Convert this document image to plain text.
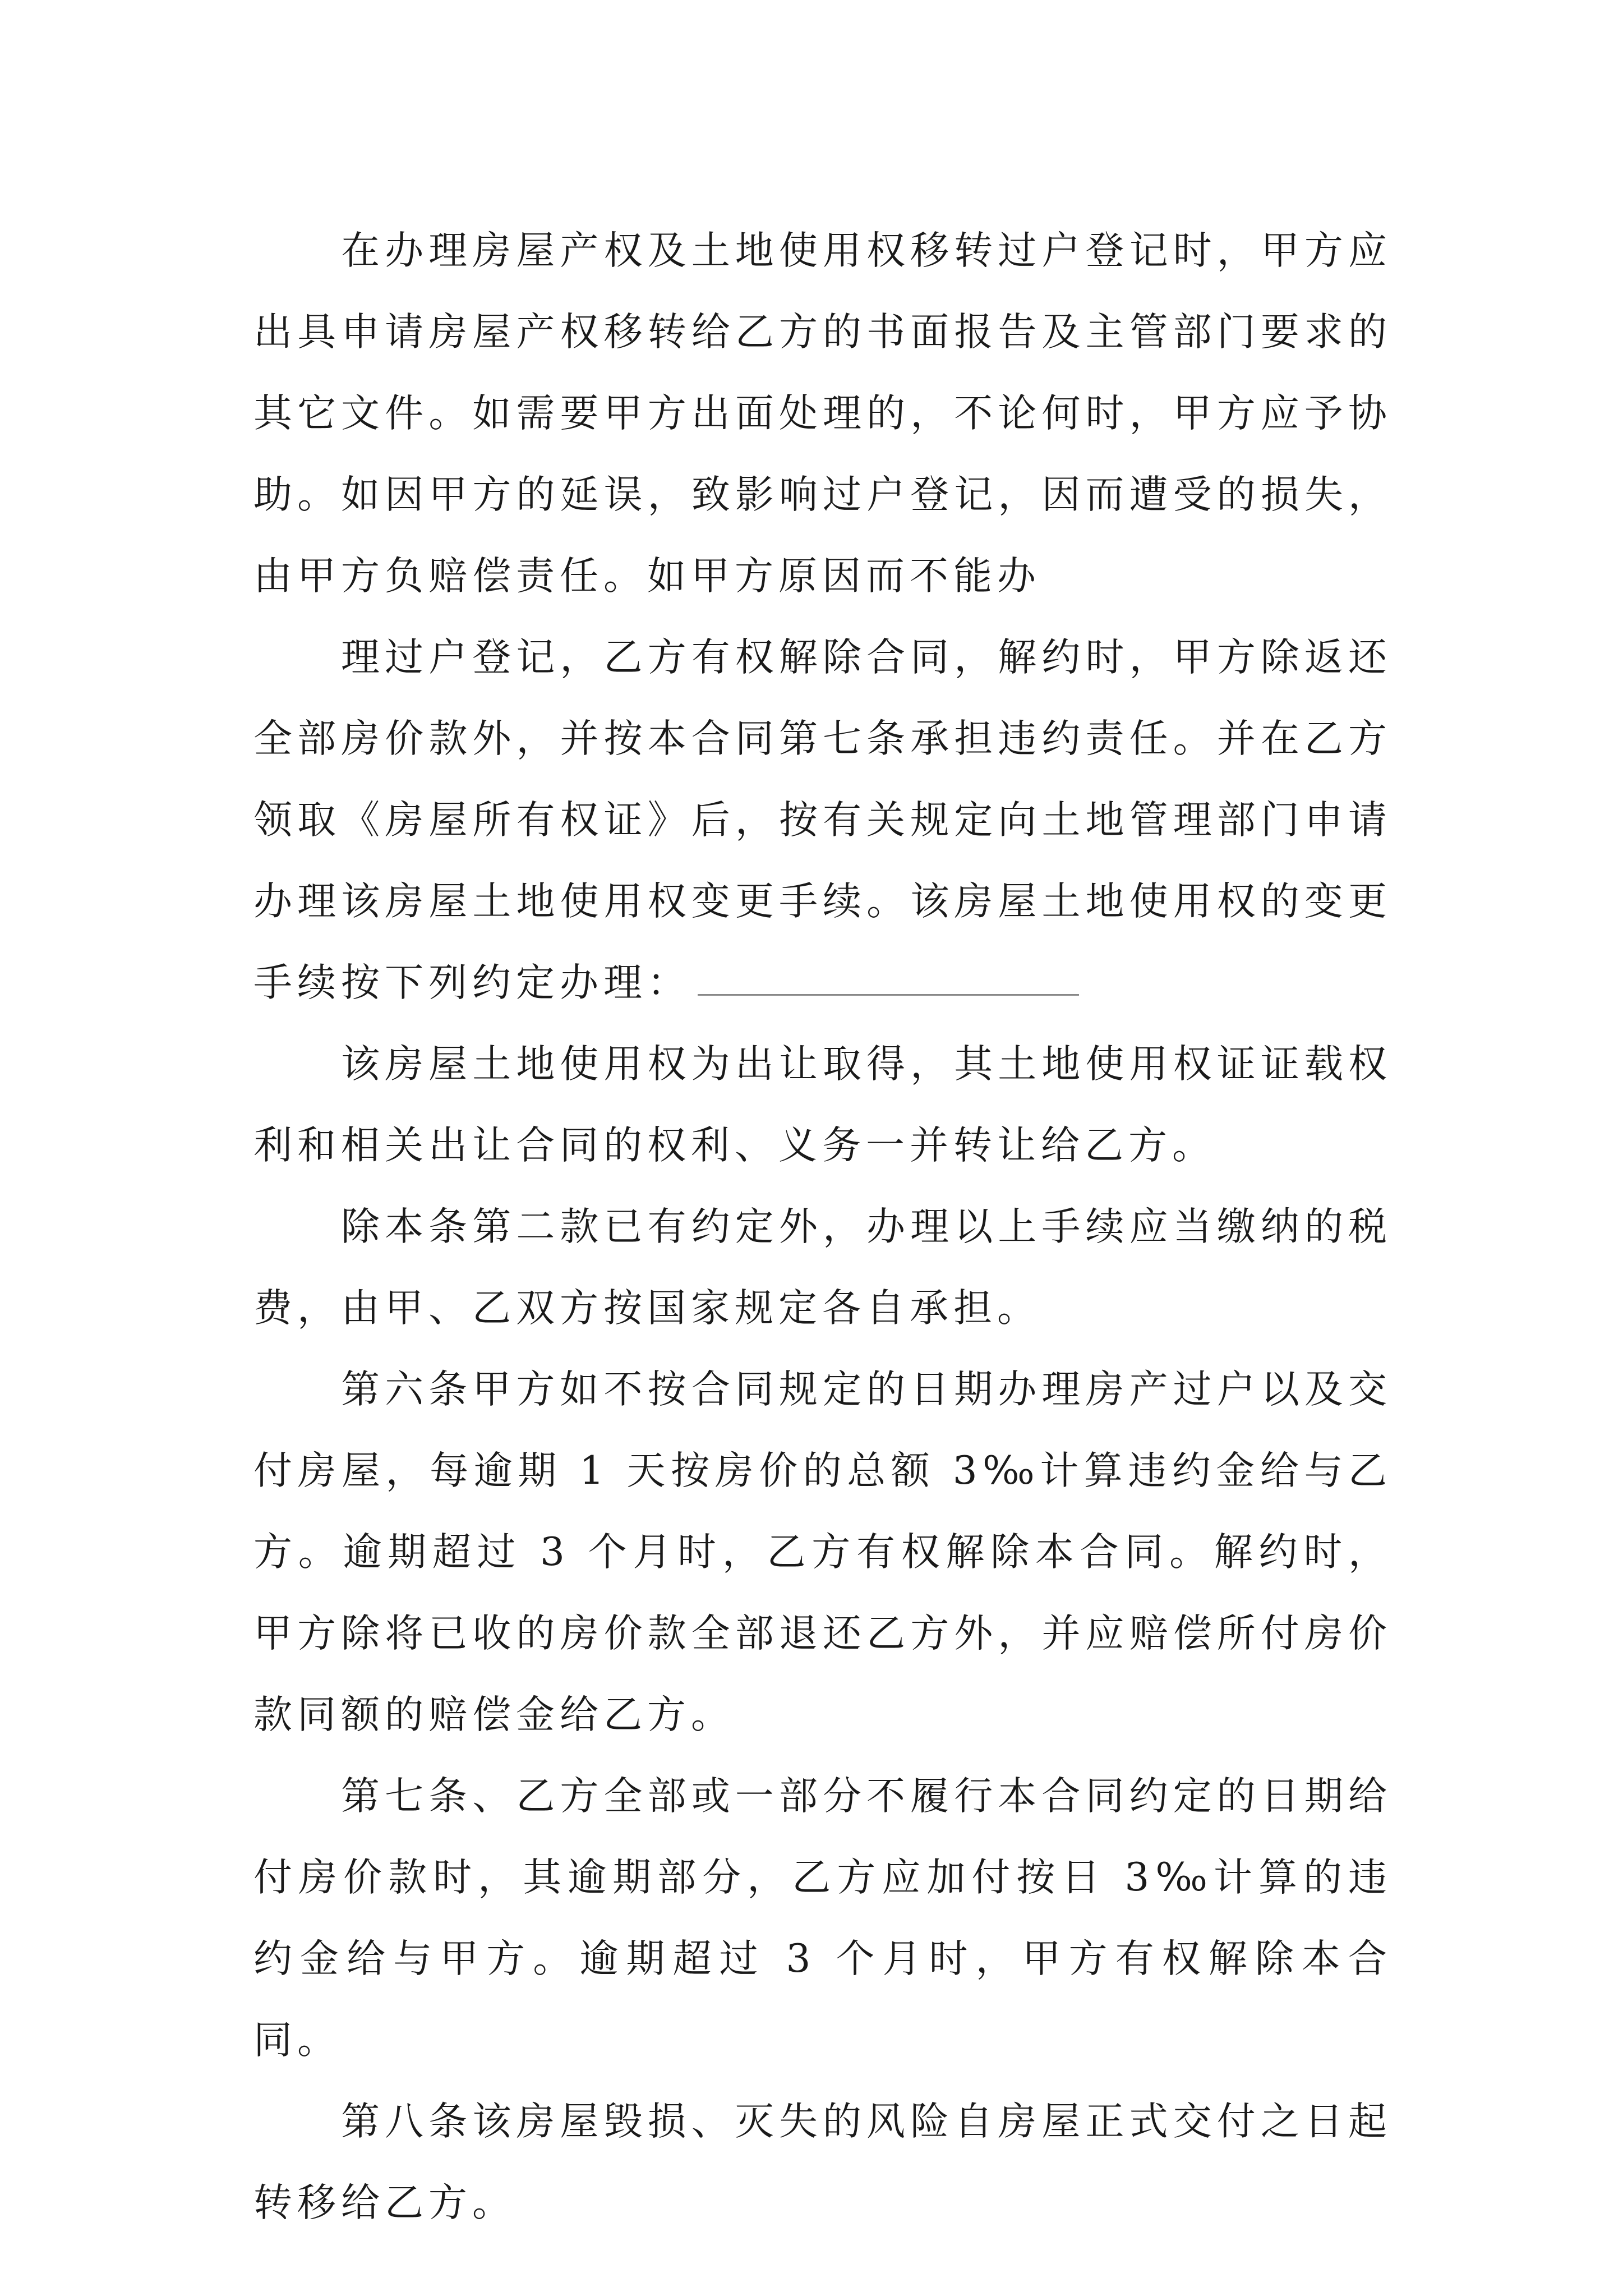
在办理房屋产权及土地使用权移转过户登记时，甲方应出具申请房屋产权移转给乙方的书面报告及主管部门要求的其它文件。如需要甲方出面处理的，不论何时，甲方应予协助。如因甲方的延误，致影响过户登记，因而遭受的损失，由甲方负赔偿责任。如甲方原因而不能办

理过户登记，乙方有权解除合同，解约时，甲方除返还全部房价款外，并按本合同第七条承担违约责任。并在乙方领取《房屋所有权证》后，按有关规定向土地管理部门申请办理该房屋土地使用权变更手续。该房屋土地使用权的变更手续按下列约定办理：

该房屋土地使用权为出让取得，其土地使用权证证载权利和相关出让合同的权利、义务一并转让给乙方。

除本条第二款已有约定外，办理以上手续应当缴纳的税费，由甲、乙双方按国家规定各自承担。

第六条甲方如不按合同规定的日期办理房产过户以及交付房屋，每逾期 1 天按房价的总额 3‰计算违约金给与乙方。逾期超过 3 个月时，乙方有权解除本合同。解约时，甲方除将已收的房价款全部退还乙方外，并应赔偿所付房价款同额的赔偿金给乙方。

第七条、乙方全部或一部分不履行本合同约定的日期给付房价款时，其逾期部分，乙方应加付按日 3‰计算的违约金给与甲方。逾期超过 3 个月时，甲方有权解除本合同。

第八条该房屋毁损、灭失的风险自房屋正式交付之日起转移给乙方。
